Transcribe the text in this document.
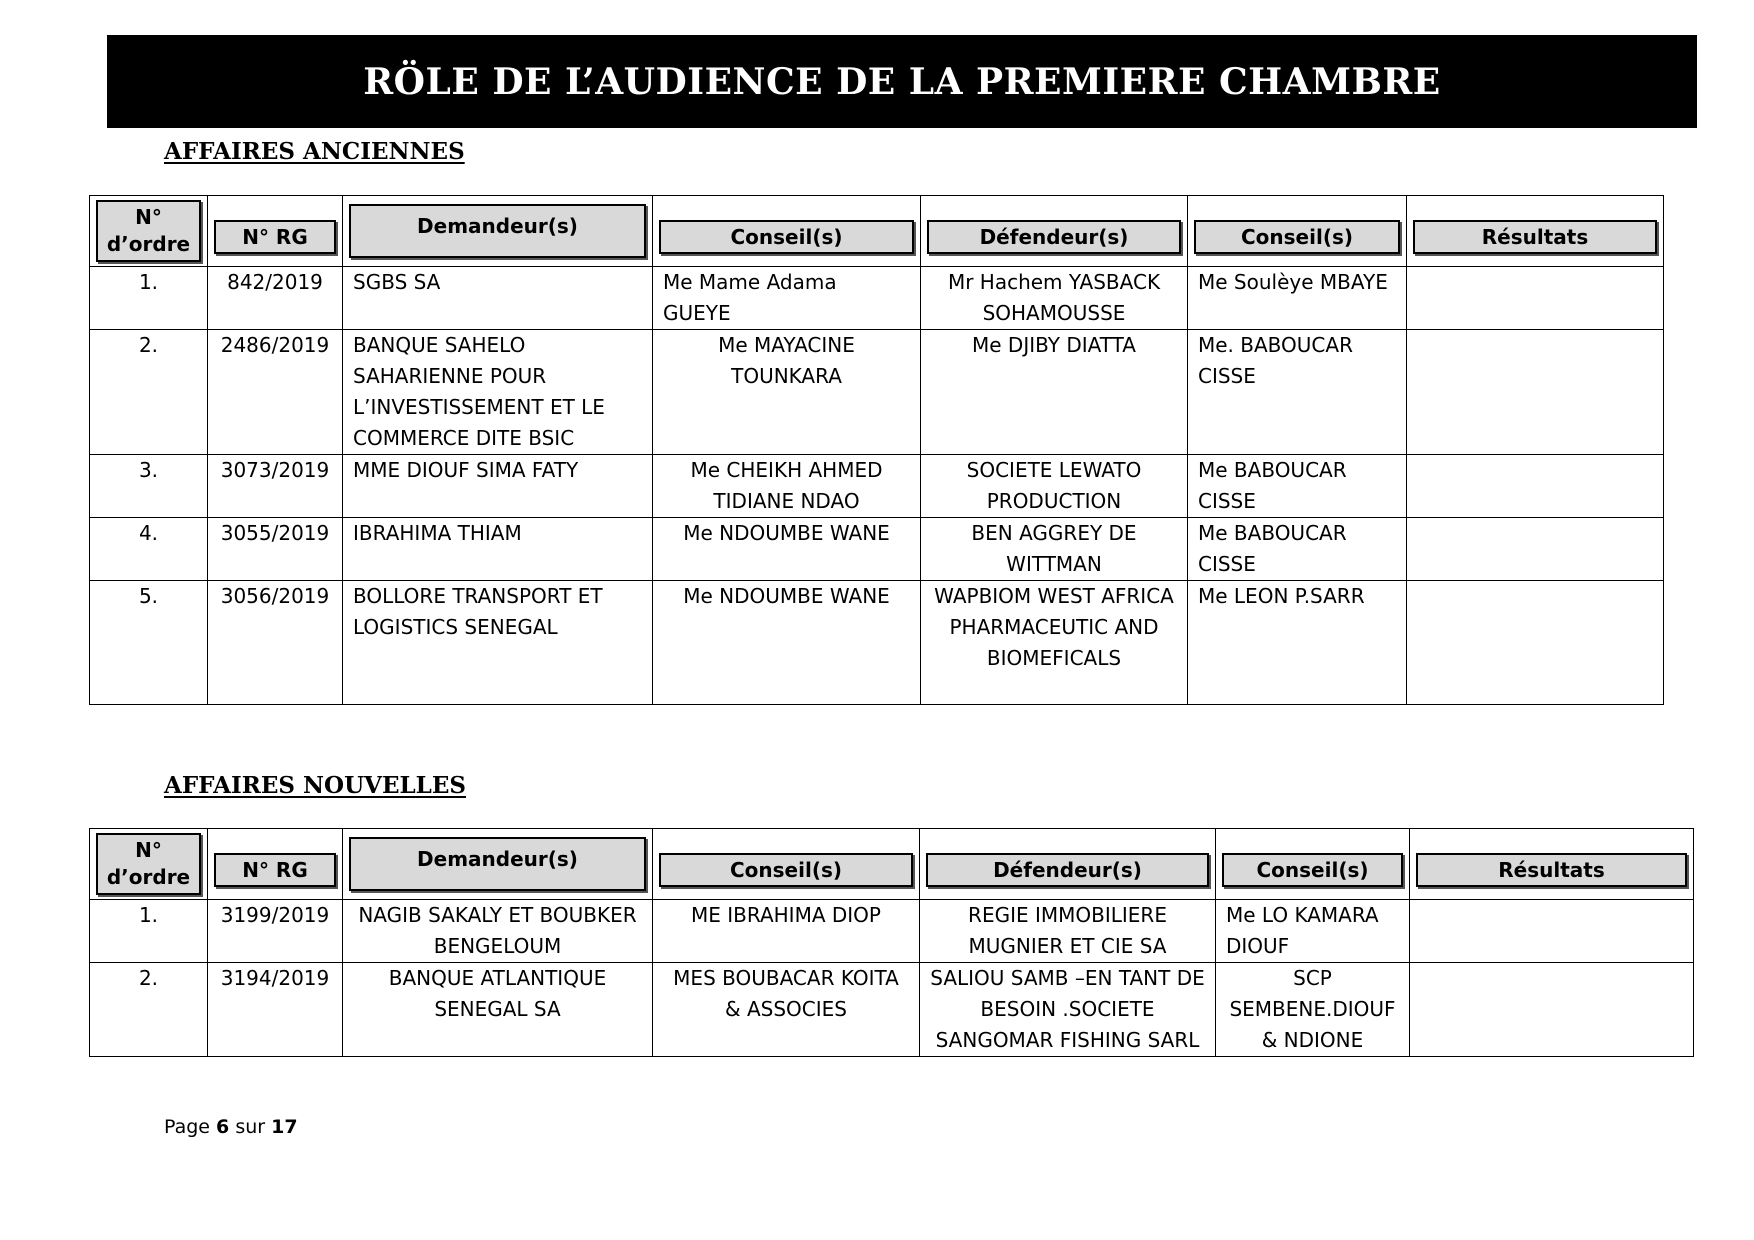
RÖLE DE L’AUDIENCE DE LA PREMIERE CHAMBRE
AFFAIRES ANCIENNES
N°
d’ordre	N° RG	Demandeur(s)	Conseil(s)	Défendeur(s)	Conseil(s)	Résultats

1.	842/2019	SGBS SA	Me Mame Adama GUEYE	Mr Hachem YASBACK SOHAMOUSSE	Me Soulèye MBAYE	
2.	2486/2019	BANQUE SAHELO SAHARIENNE POUR L’INVESTISSEMENT ET LE COMMERCE DITE BSIC	Me MAYACINE TOUNKARA	Me DJIBY DIATTA	Me. BABOUCAR CISSE	
3.	3073/2019	MME DIOUF SIMA FATY	Me CHEIKH AHMED TIDIANE NDAO	SOCIETE LEWATO PRODUCTION	Me BABOUCAR CISSE	
4.	3055/2019	IBRAHIMA THIAM	Me NDOUMBE WANE	BEN AGGREY DE WITTMAN	Me BABOUCAR CISSE	
5.	3056/2019	BOLLORE TRANSPORT ET LOGISTICS SENEGAL	Me NDOUMBE WANE	WAPBIOM WEST AFRICA PHARMACEUTIC AND BIOMEFICALS	Me LEON P.SARR	
AFFAIRES NOUVELLES
N°
d’ordre	N° RG	Demandeur(s)	Conseil(s)	Défendeur(s)	Conseil(s)	Résultats

1.	3199/2019	NAGIB SAKALY ET BOUBKER BENGELOUM	ME IBRAHIMA DIOP	REGIE IMMOBILIERE MUGNIER ET CIE SA	Me LO KAMARA DIOUF	
2.	3194/2019	BANQUE ATLANTIQUE SENEGAL SA	MES BOUBACAR KOITA & ASSOCIES	SALIOU SAMB –EN TANT DE BESOIN .SOCIETE SANGOMAR FISHING SARL	SCP SEMBENE.DIOUF & NDIONE	
Page 6 sur 17
